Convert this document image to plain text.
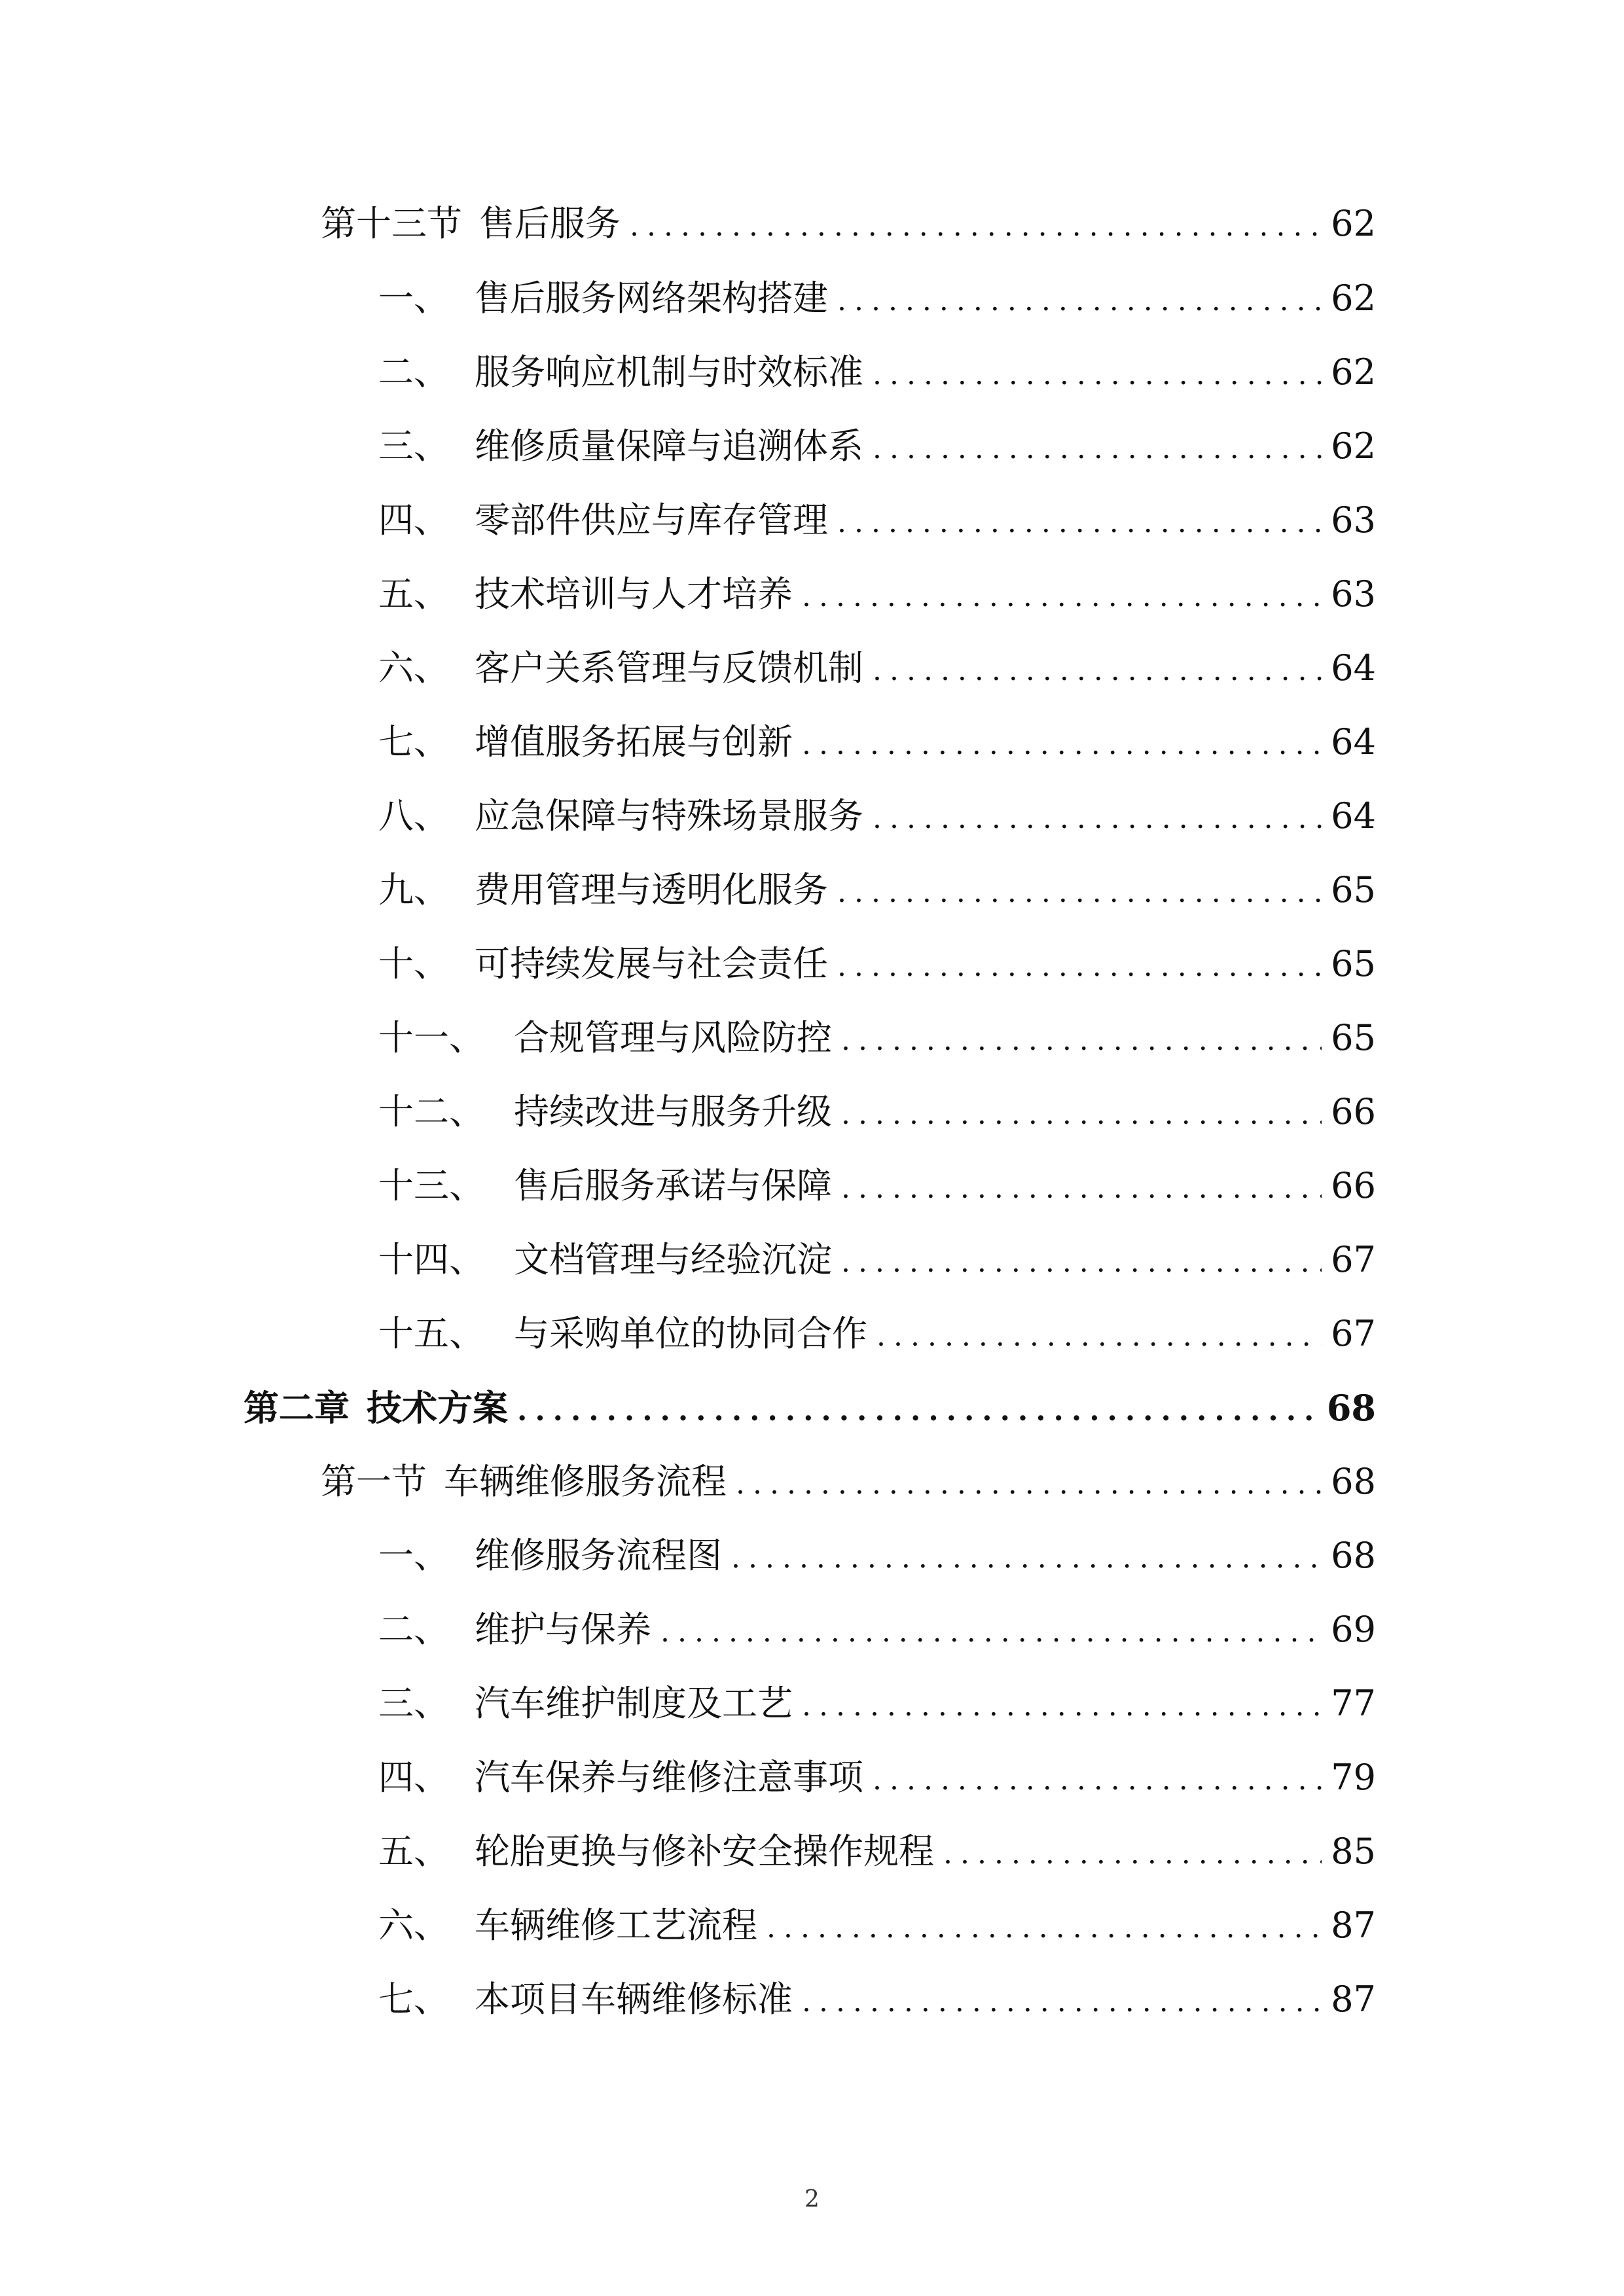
第十三节 售后服务 .....	62
一、 售后服务网络架构搭建 .....	62
二、 服务响应机制与时效标准 .....	62
三、 维修质量保障与追溯体系 .....	62
四、 零部件供应与库存管理 .....	63
五、 技术培训与人才培养 .....	63
六、 客户关系管理与反馈机制 .....	64
七、 增值服务拓展与创新 .....	64
八、 应急保障与特殊场景服务 .....	64
九、 费用管理与透明化服务 .....	65
十、 可持续发展与社会责任 .....	65
十一、 合规管理与风险防控 .....	65
十二、 持续改进与服务升级 .....	66
十三、 售后服务承诺与保障 .....	66
十四、 文档管理与经验沉淀 .....	67
十五、 与采购单位的协同合作 .....	67
第二章 技术方案 .....	68
第一节 车辆维修服务流程 .....	68
一、 维修服务流程图 .....	68
二、 维护与保养 .....	69
三、 汽车维护制度及工艺 .....	77
四、 汽车保养与维修注意事项 .....	79
五、 轮胎更换与修补安全操作规程 .....	85
六、 车辆维修工艺流程 .....	87
七、 本项目车辆维修标准 .....	87
2
